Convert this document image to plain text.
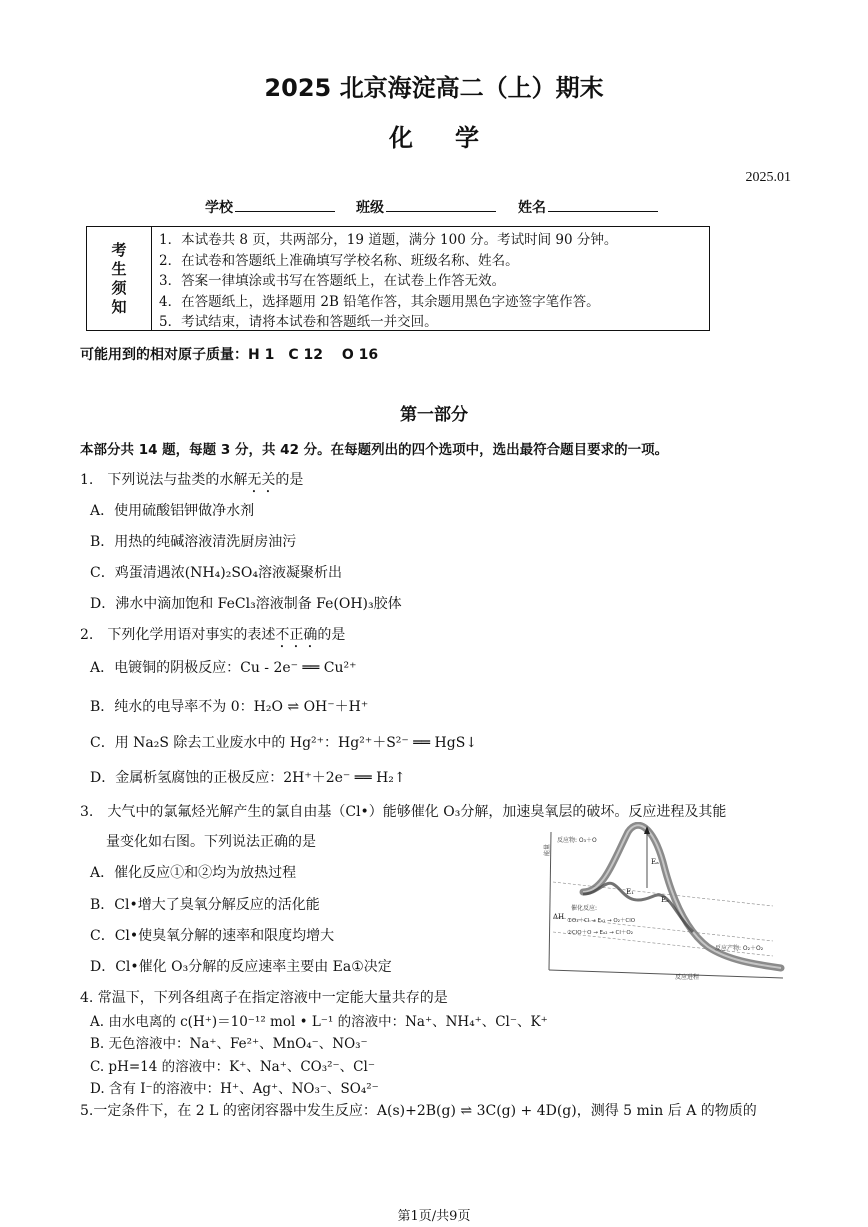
2025 北京海淀高二（上）期末
化学
2025.01
学校	班级	姓名
考
生
须
知
1．本试卷共 8 页，共两部分，19 道题，满分 100 分。考试时间 90 分钟。
2．在试卷和答题纸上准确填写学校名称、班级名称、姓名。
3．答案一律填涂或书写在答题纸上，在试卷上作答无效。
4．在答题纸上，选择题用 2B 铅笔作答，其余题用黑色字迹签字笔作答。
5．考试结束，请将本试卷和答题纸一并交回。
可能用到的相对原子质量：H 1　C 12　 O 16
第一部分
本部分共 14 题，每题 3 分，共 42 分。在每题列出的四个选项中，选出最符合题目要求的一项。
1.　下列说法与盐类的水解无关的是
A．使用硫酸铝钾做净水剂
B．用热的纯碱溶液清洗厨房油污
C．鸡蛋清遇浓(NH₄)₂SO₄溶液凝聚析出
D．沸水中滴加饱和 FeCl₃溶液制备 Fe(OH)₃胶体
2.　下列化学用语对事实的表述不正确的是
A．电镀铜的阴极反应：Cu - 2e⁻ ══ Cu²⁺
B．纯水的电导率不为 0：H₂O ⇌ OH⁻＋H⁺
C．用 Na₂S 除去工业废水中的 Hg²⁺：Hg²⁺＋S²⁻ ══ HgS↓
D．金属析氢腐蚀的正极反应：2H⁺＋2e⁻ ══ H₂↑
3.　大气中的氯氟烃光解产生的氯自由基（Cl•）能够催化 O₃分解，加速臭氧层的破坏。反应进程及其能
量变化如右图。下列说法正确的是
A．催化反应①和②均为放热过程
B．Cl•增大了臭氧分解反应的活化能
C．Cl•使臭氧分解的速率和限度均增大
D．Cl•催化 O₃分解的反应速率主要由 Ea①决定
能量
反应物: O₃＋O
Eₐ
E₁
Eₐ
催化反应:
ΔH ①O₃＋Cl → Eₐ₁ → O₂＋ClO
②ClO＋O → Eₐ₂ → Cl＋O₂
反应产物: O₂＋O₂
反应进程
4. 常温下，下列各组离子在指定溶液中一定能大量共存的是
A. 由水电离的 c(H⁺)＝10⁻¹² mol • L⁻¹ 的溶液中：Na⁺、NH₄⁺、Cl⁻、K⁺
B. 无色溶液中：Na⁺、Fe²⁺、MnO₄⁻、NO₃⁻
C. pH=14 的溶液中：K⁺、Na⁺、CO₃²⁻、Cl⁻
D. 含有 I⁻的溶液中：H⁺、Ag⁺、NO₃⁻、SO₄²⁻
5.一定条件下，在 2 L 的密闭容器中发生反应：A(s)+2B(g) ⇌ 3C(g) + 4D(g)，测得 5 min 后 A 的物质的
第1页/共9页
